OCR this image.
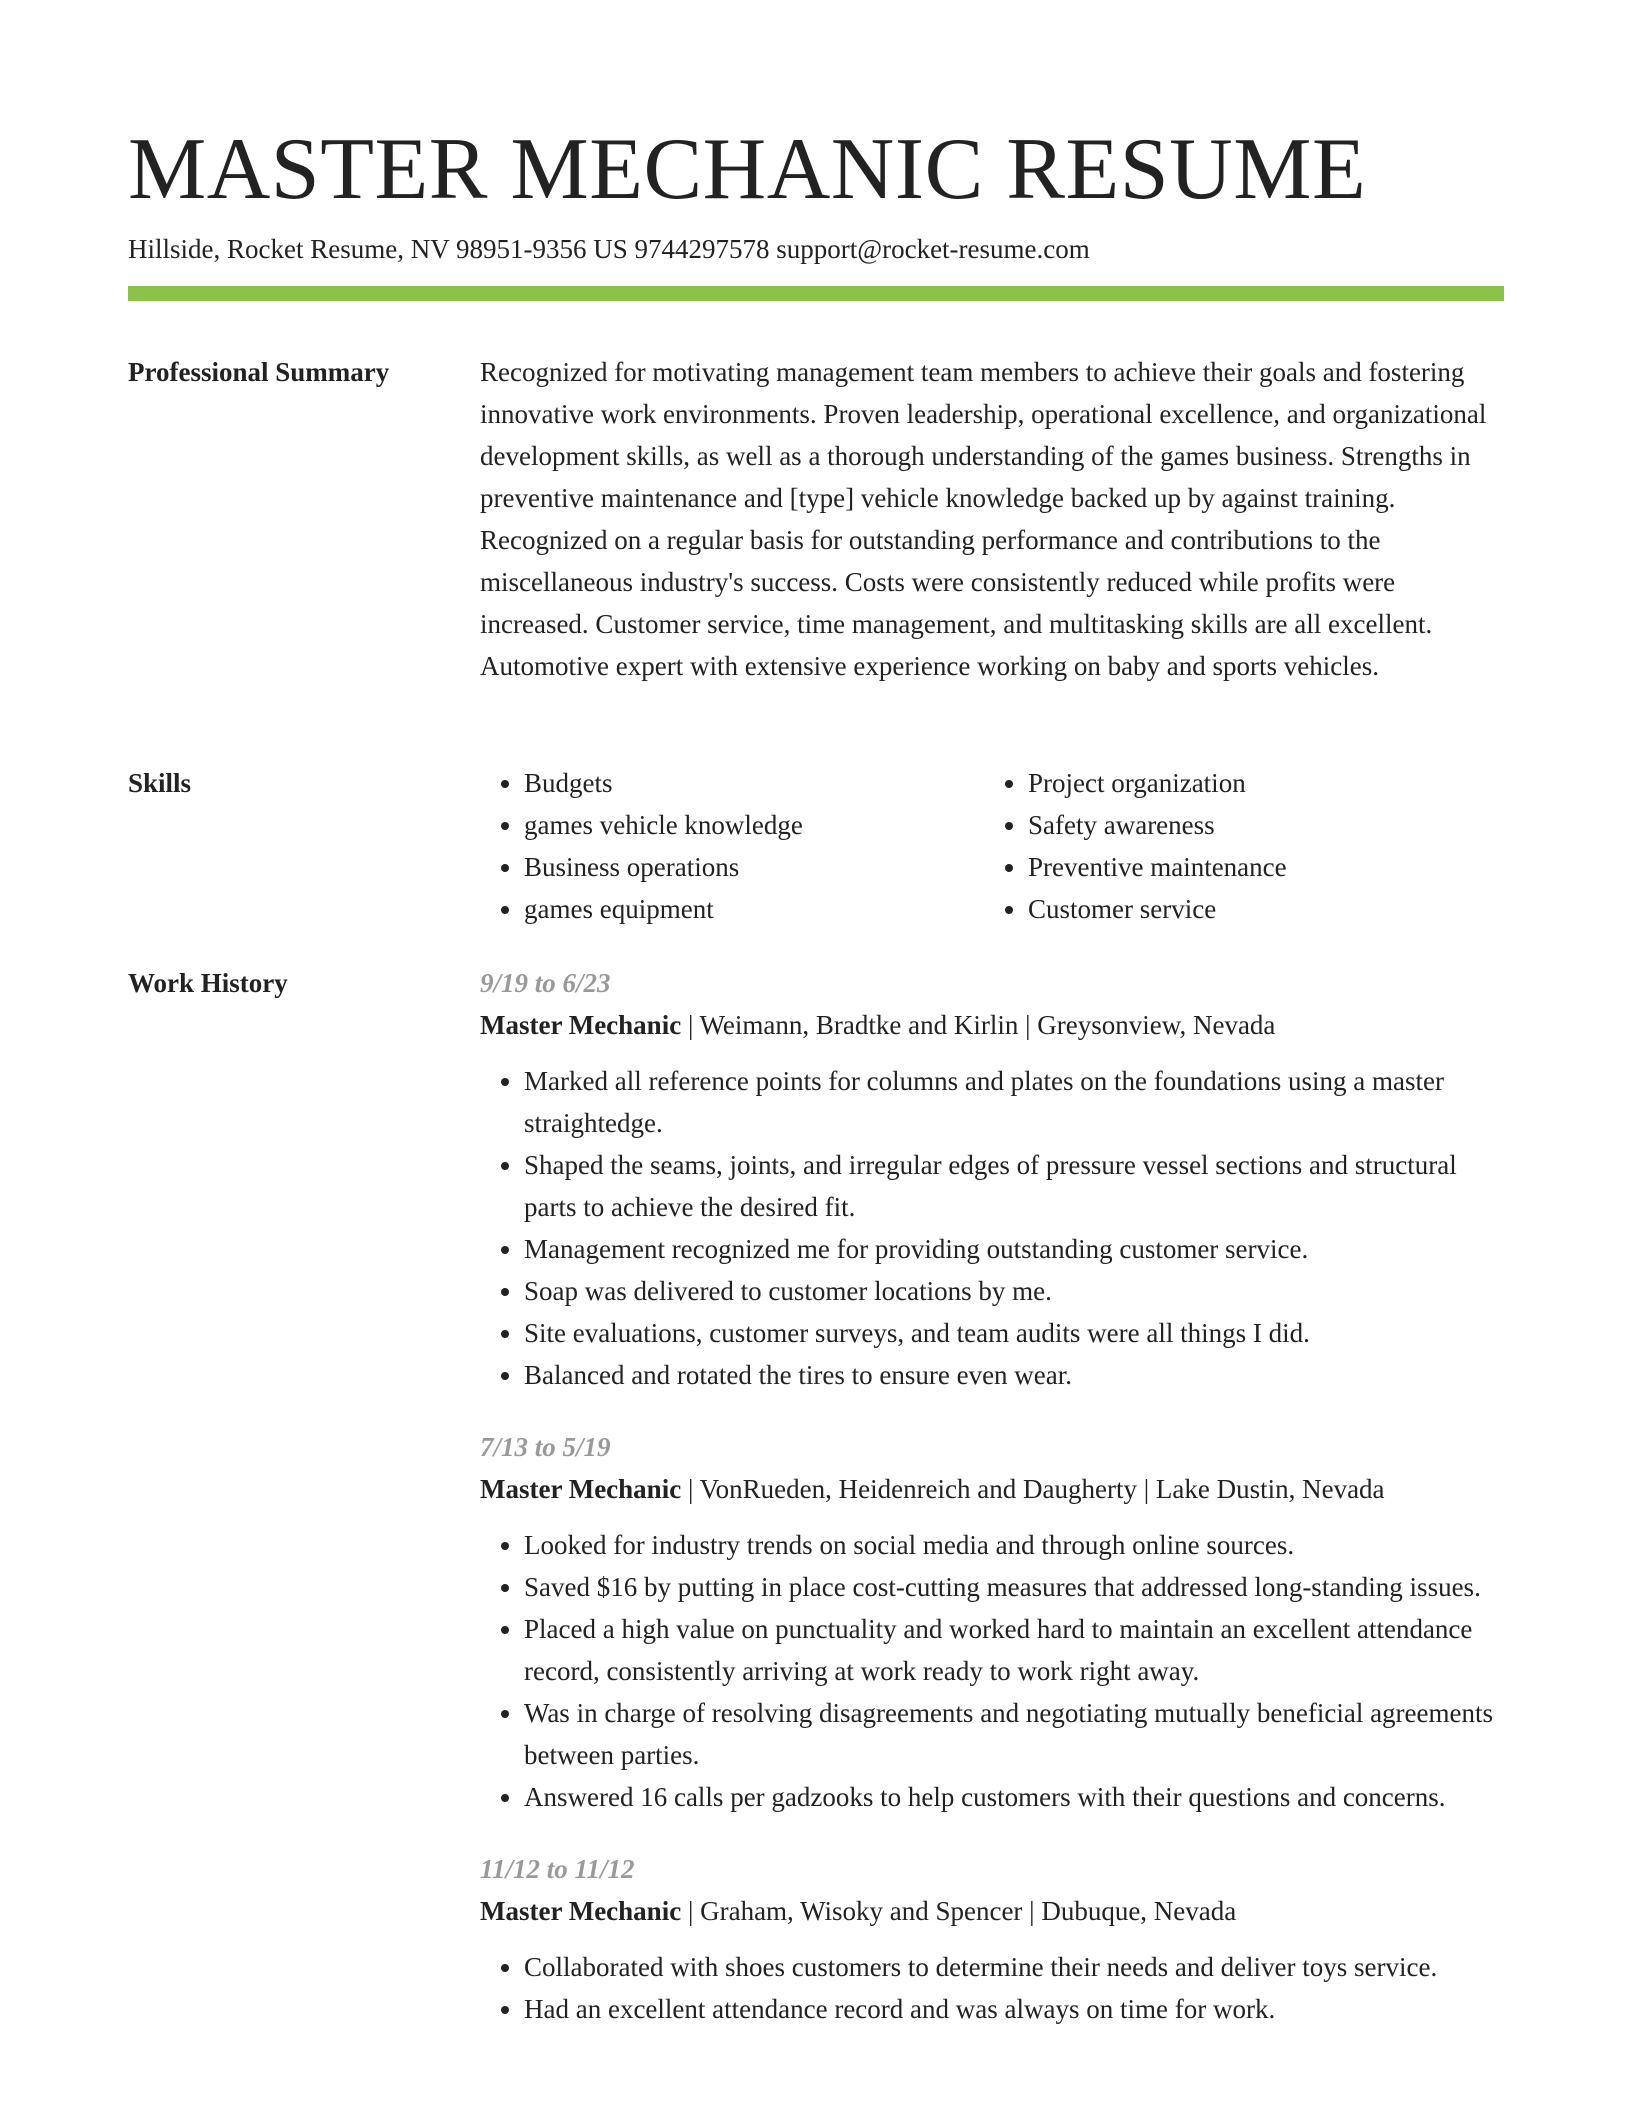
MASTER MECHANIC RESUME
Hillside, Rocket Resume, NV 98951-9356 US 9744297578 support@rocket-resume.com
Professional Summary	Recognized for motivating management team members to achieve their goals and fostering innovative work environments. Proven leadership, operational excellence, and organizational development skills, as well as a thorough understanding of the games business. Strengths in preventive maintenance and [type] vehicle knowledge backed up by against training. Recognized on a regular basis for outstanding performance and contributions to the miscellaneous industry's success. Costs were consistently reduced while profits were increased. Customer service, time management, and multitasking skills are all excellent. Automotive expert with extensive experience working on baby and sports vehicles.

Skills
•	Budgets
• games vehicle knowledge
• Business operations
• games equipment
• Project organization
• Safety awareness
• Preventive maintenance
• Customer service
Work History	9/19 to 6/23
Master Mechanic | Weimann, Bradtke and Kirlin | Greysonview, Nevada
• Marked all reference points for columns and plates on the foundations using a master straightedge.
• Shaped the seams, joints, and irregular edges of pressure vessel sections and structural parts to achieve the desired fit.
• Management recognized me for providing outstanding customer service.
• Soap was delivered to customer locations by me.
• Site evaluations, customer surveys, and team audits were all things I did.
• Balanced and rotated the tires to ensure even wear.
7/13 to 5/19
Master Mechanic | VonRueden, Heidenreich and Daugherty | Lake Dustin, Nevada
• Looked for industry trends on social media and through online sources.
• Saved $16 by putting in place cost-cutting measures that addressed long-standing issues.
• Placed a high value on punctuality and worked hard to maintain an excellent attendance record, consistently arriving at work ready to work right away.
• Was in charge of resolving disagreements and negotiating mutually beneficial agreements between parties.
• Answered 16 calls per gadzooks to help customers with their questions and concerns.
11/12 to 11/12
Master Mechanic | Graham, Wisoky and Spencer | Dubuque, Nevada
• Collaborated with shoes customers to determine their needs and deliver toys service.
• Had an excellent attendance record and was always on time for work.
